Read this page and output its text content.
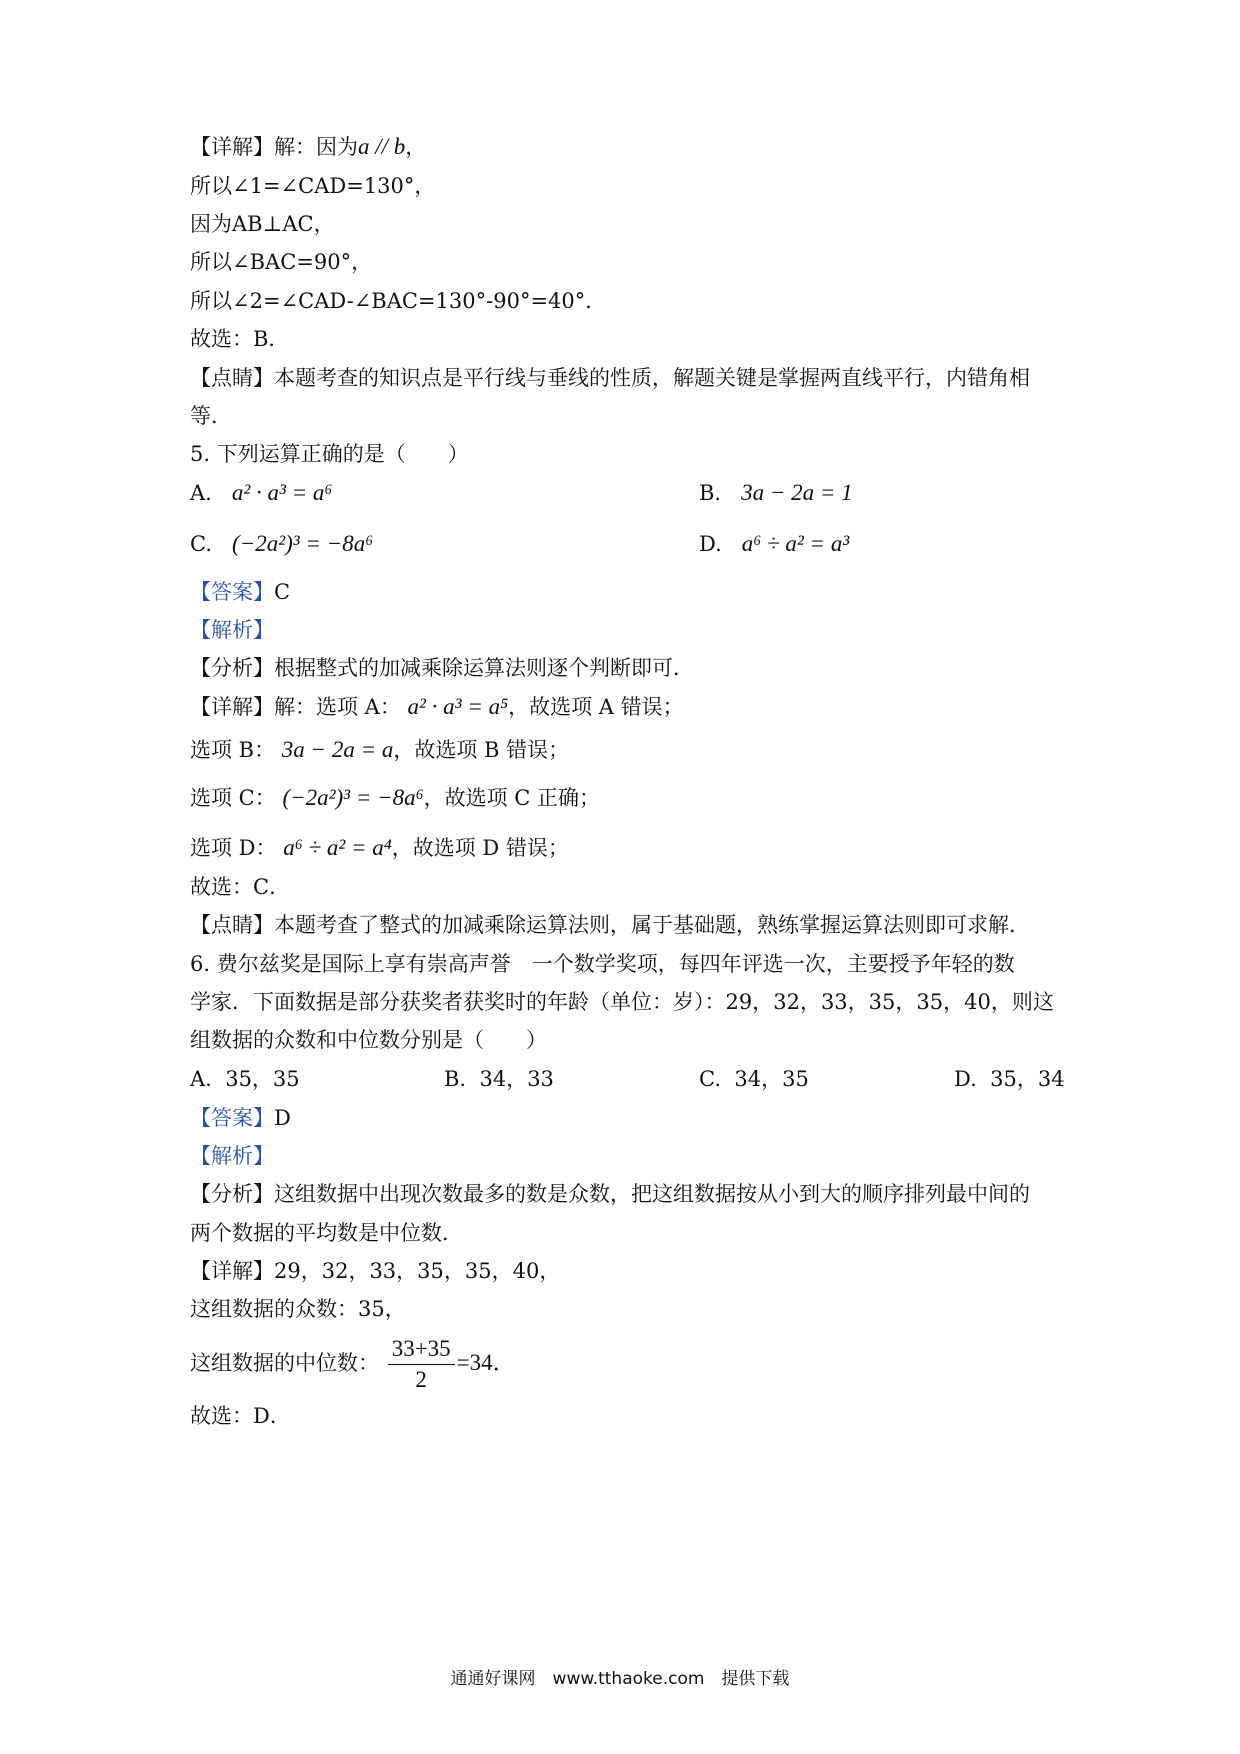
【详解】解：因为a // b，
所以∠1=∠CAD=130°，
因为AB⊥AC，
所以∠BAC=90°，
所以∠2=∠CAD-∠BAC=130°-90°=40°．
故选：B．
【点睛】本题考查的知识点是平行线与垂线的性质，解题关键是掌握两直线平行，内错角相
等．
5. 下列运算正确的是（　　）
A. a² · a³ = a⁶	B. 3a − 2a = 1
C. (−2a²)³ = −8a⁶	D. a⁶ ÷ a² = a³
【答案】C
【解析】
【分析】根据整式的加减乘除运算法则逐个判断即可．
【详解】解：选项 A： a² · a³ = a⁵，故选项 A 错误；
选项 B： 3a − 2a = a，故选项 B 错误；
选项 C： (−2a²)³ = −8a⁶，故选项 C 正确；
选项 D： a⁶ ÷ a² = a⁴，故选项 D 错误；
故选：C．
【点睛】本题考查了整式的加减乘除运算法则，属于基础题，熟练掌握运算法则即可求解．
6. 费尔兹奖是国际上享有崇高声誉　一个数学奖项，每四年评选一次，主要授予年轻的数
学家．下面数据是部分获奖者获奖时的年龄（单位：岁）：29，32，33，35，35，40，则这
组数据的众数和中位数分别是（　　）
A. 35，35	B. 34，33	C. 34，35	D. 35，34
【答案】D
【解析】
【分析】这组数据中出现次数最多的数是众数，把这组数据按从小到大的顺序排列最中间的
两个数据的平均数是中位数．
【详解】29，32，33，35，35，40，
这组数据的众数：35，
这组数据的中位数： $\frac{33+35}{2} =34$．
故选：D．
通通好课网　www.tthaoke.com　提供下载
